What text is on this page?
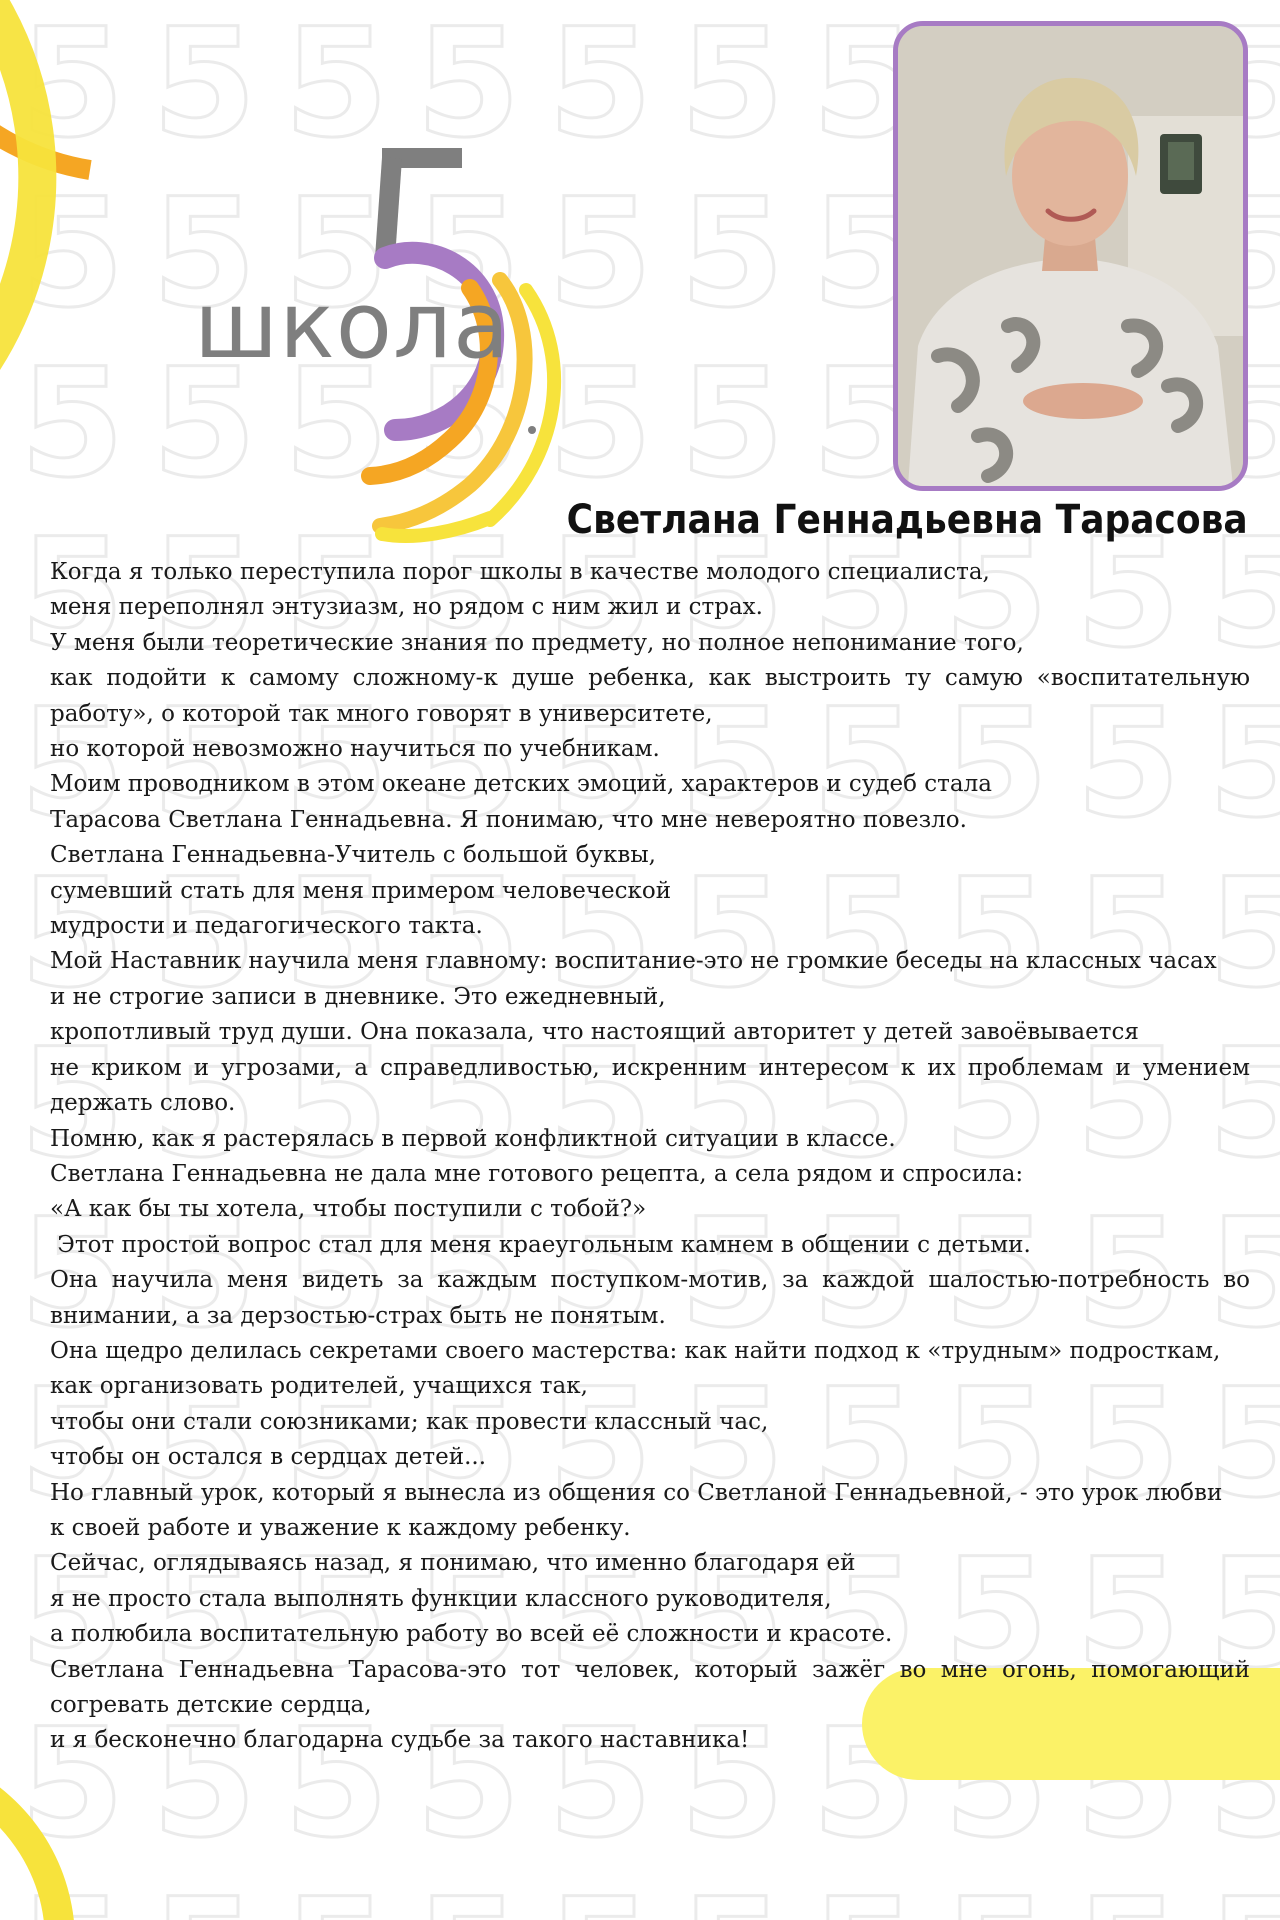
школа
Светлана Геннадьевна Тарасова

Когда я только переступила порог школы в качестве молодого специалиста,

меня переполнял энтузиазм, но рядом с ним жил и страх.

У меня были теоретические знания по предмету, но полное непонимание того,

как подойти к самому сложному-к душе ребенка, как выстроить ту самую «воспитательную работу», о которой так много говорят в университете,

но которой невозможно научиться по учебникам.

Моим проводником в этом океане детских эмоций, характеров и судеб стала

Тарасова Светлана Геннадьевна. Я понимаю, что мне невероятно повезло.

Светлана Геннадьевна-Учитель с большой буквы,

сумевший стать для меня примером человеческой

мудрости и педагогического такта.

Мой Наставник научила меня главному: воспитание-это не громкие беседы на классных часах

и не строгие записи в дневнике. Это ежедневный,

кропотливый труд души. Она показала, что настоящий авторитет у детей завоёвывается

не криком и угрозами, а справедливостью, искренним интересом к их проблемам и умением держать слово.

Помню, как я растерялась в первой конфликтной ситуации в классе.

Светлана Геннадьевна не дала мне готового рецепта, а села рядом и спросила:

«А как бы ты хотела, чтобы поступили с тобой?»

Этот простой вопрос стал для меня краеугольным камнем в общении с детьми.

Она научила меня видеть за каждым поступком-мотив, за каждой шалостью-потребность во внимании, а за дерзостью-страх быть не понятым.

Она щедро делилась секретами своего мастерства: как найти подход к «трудным» подросткам,

как организовать родителей, учащихся так,

чтобы они стали союзниками; как провести классный час,

чтобы он остался в сердцах детей...

Но главный урок, который я вынесла из общения со Светланой Геннадьевной, - это урок любви

к своей работе и уважение к каждому ребенку.

Сейчас, оглядываясь назад, я понимаю, что именно благодаря ей

я не просто стала выполнять функции классного руководителя,

а полюбила воспитательную работу во всей её сложности и красоте.

Светлана Геннадьевна Тарасова-это тот человек, который зажёг во мне огонь, помогающий согревать детские сердца,

и я бесконечно благодарна судьбе за такого наставника!
